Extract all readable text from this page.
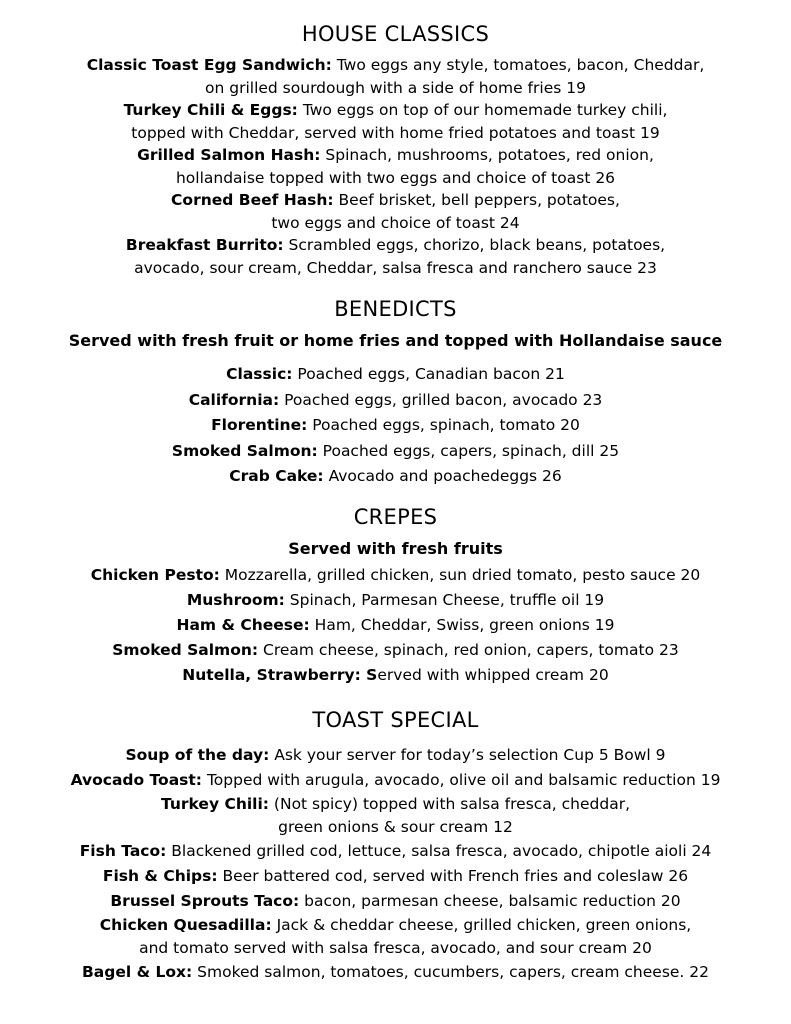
HOUSE CLASSICS
Classic Toast Egg Sandwich: Two eggs any style, tomatoes, bacon, Cheddar,
on grilled sourdough with a side of home fries 19
Turkey Chili & Eggs: Two eggs on top of our homemade turkey chili,
topped with Cheddar, served with home fried potatoes and toast 19
Grilled Salmon Hash: Spinach, mushrooms, potatoes, red onion,
hollandaise topped with two eggs and choice of toast 26
Corned Beef Hash: Beef brisket, bell peppers, potatoes,
two eggs and choice of toast 24
Breakfast Burrito: Scrambled eggs, chorizo, black beans, potatoes,
avocado, sour cream, Cheddar, salsa fresca and ranchero sauce 23
BENEDICTS
Served with fresh fruit or home fries and topped with Hollandaise sauce
Classic: Poached eggs, Canadian bacon 21
California: Poached eggs, grilled bacon, avocado 23
Florentine: Poached eggs, spinach, tomato 20
Smoked Salmon: Poached eggs, capers, spinach, dill 25
Crab Cake: Avocado and poachedeggs 26
CREPES
Served with fresh fruits
Chicken Pesto: Mozzarella, grilled chicken, sun dried tomato, pesto sauce 20
Mushroom: Spinach, Parmesan Cheese, truffle oil 19
Ham & Cheese: Ham, Cheddar, Swiss, green onions 19
Smoked Salmon: Cream cheese, spinach, red onion, capers, tomato 23
Nutella, Strawberry: Served with whipped cream 20
TOAST SPECIAL
Soup of the day: Ask your server for today’s selection Cup 5 Bowl 9
Avocado Toast: Topped with arugula, avocado, olive oil and balsamic reduction 19
Turkey Chili: (Not spicy) topped with salsa fresca, cheddar,
green onions & sour cream 12
Fish Taco: Blackened grilled cod, lettuce, salsa fresca, avocado, chipotle aioli 24
Fish & Chips: Beer battered cod, served with French fries and coleslaw 26
Brussel Sprouts Taco: bacon, parmesan cheese, balsamic reduction 20
Chicken Quesadilla: Jack & cheddar cheese, grilled chicken, green onions,
and tomato served with salsa fresca, avocado, and sour cream 20
Bagel & Lox: Smoked salmon, tomatoes, cucumbers, capers, cream cheese. 22
